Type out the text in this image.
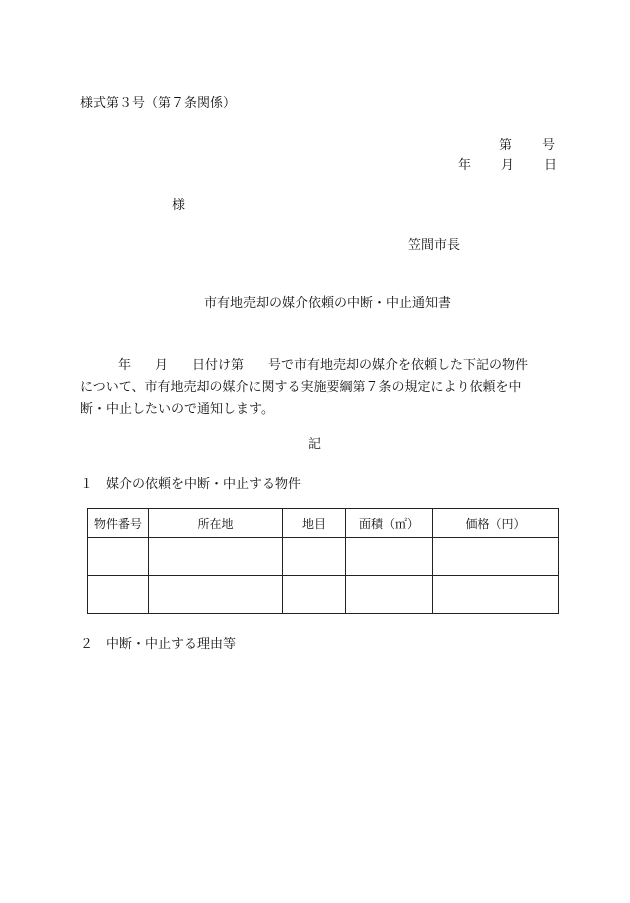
様式第３号（第７条関係）
第 号
年 月 日
様
笠間市長
市有地売却の媒介依頼の中断・中止通知書
年 月 日付け第 号で市有地売却の媒介を依頼した下記の物件
について、市有地売却の媒介に関する実施要綱第７条の規定により依頼を中
断・中止したいので通知します。
記
１ 媒介の依頼を中断・中止する物件
物件番号	所在地	地目	面積（㎡）	価格（円）

２ 中断・中止する理由等
